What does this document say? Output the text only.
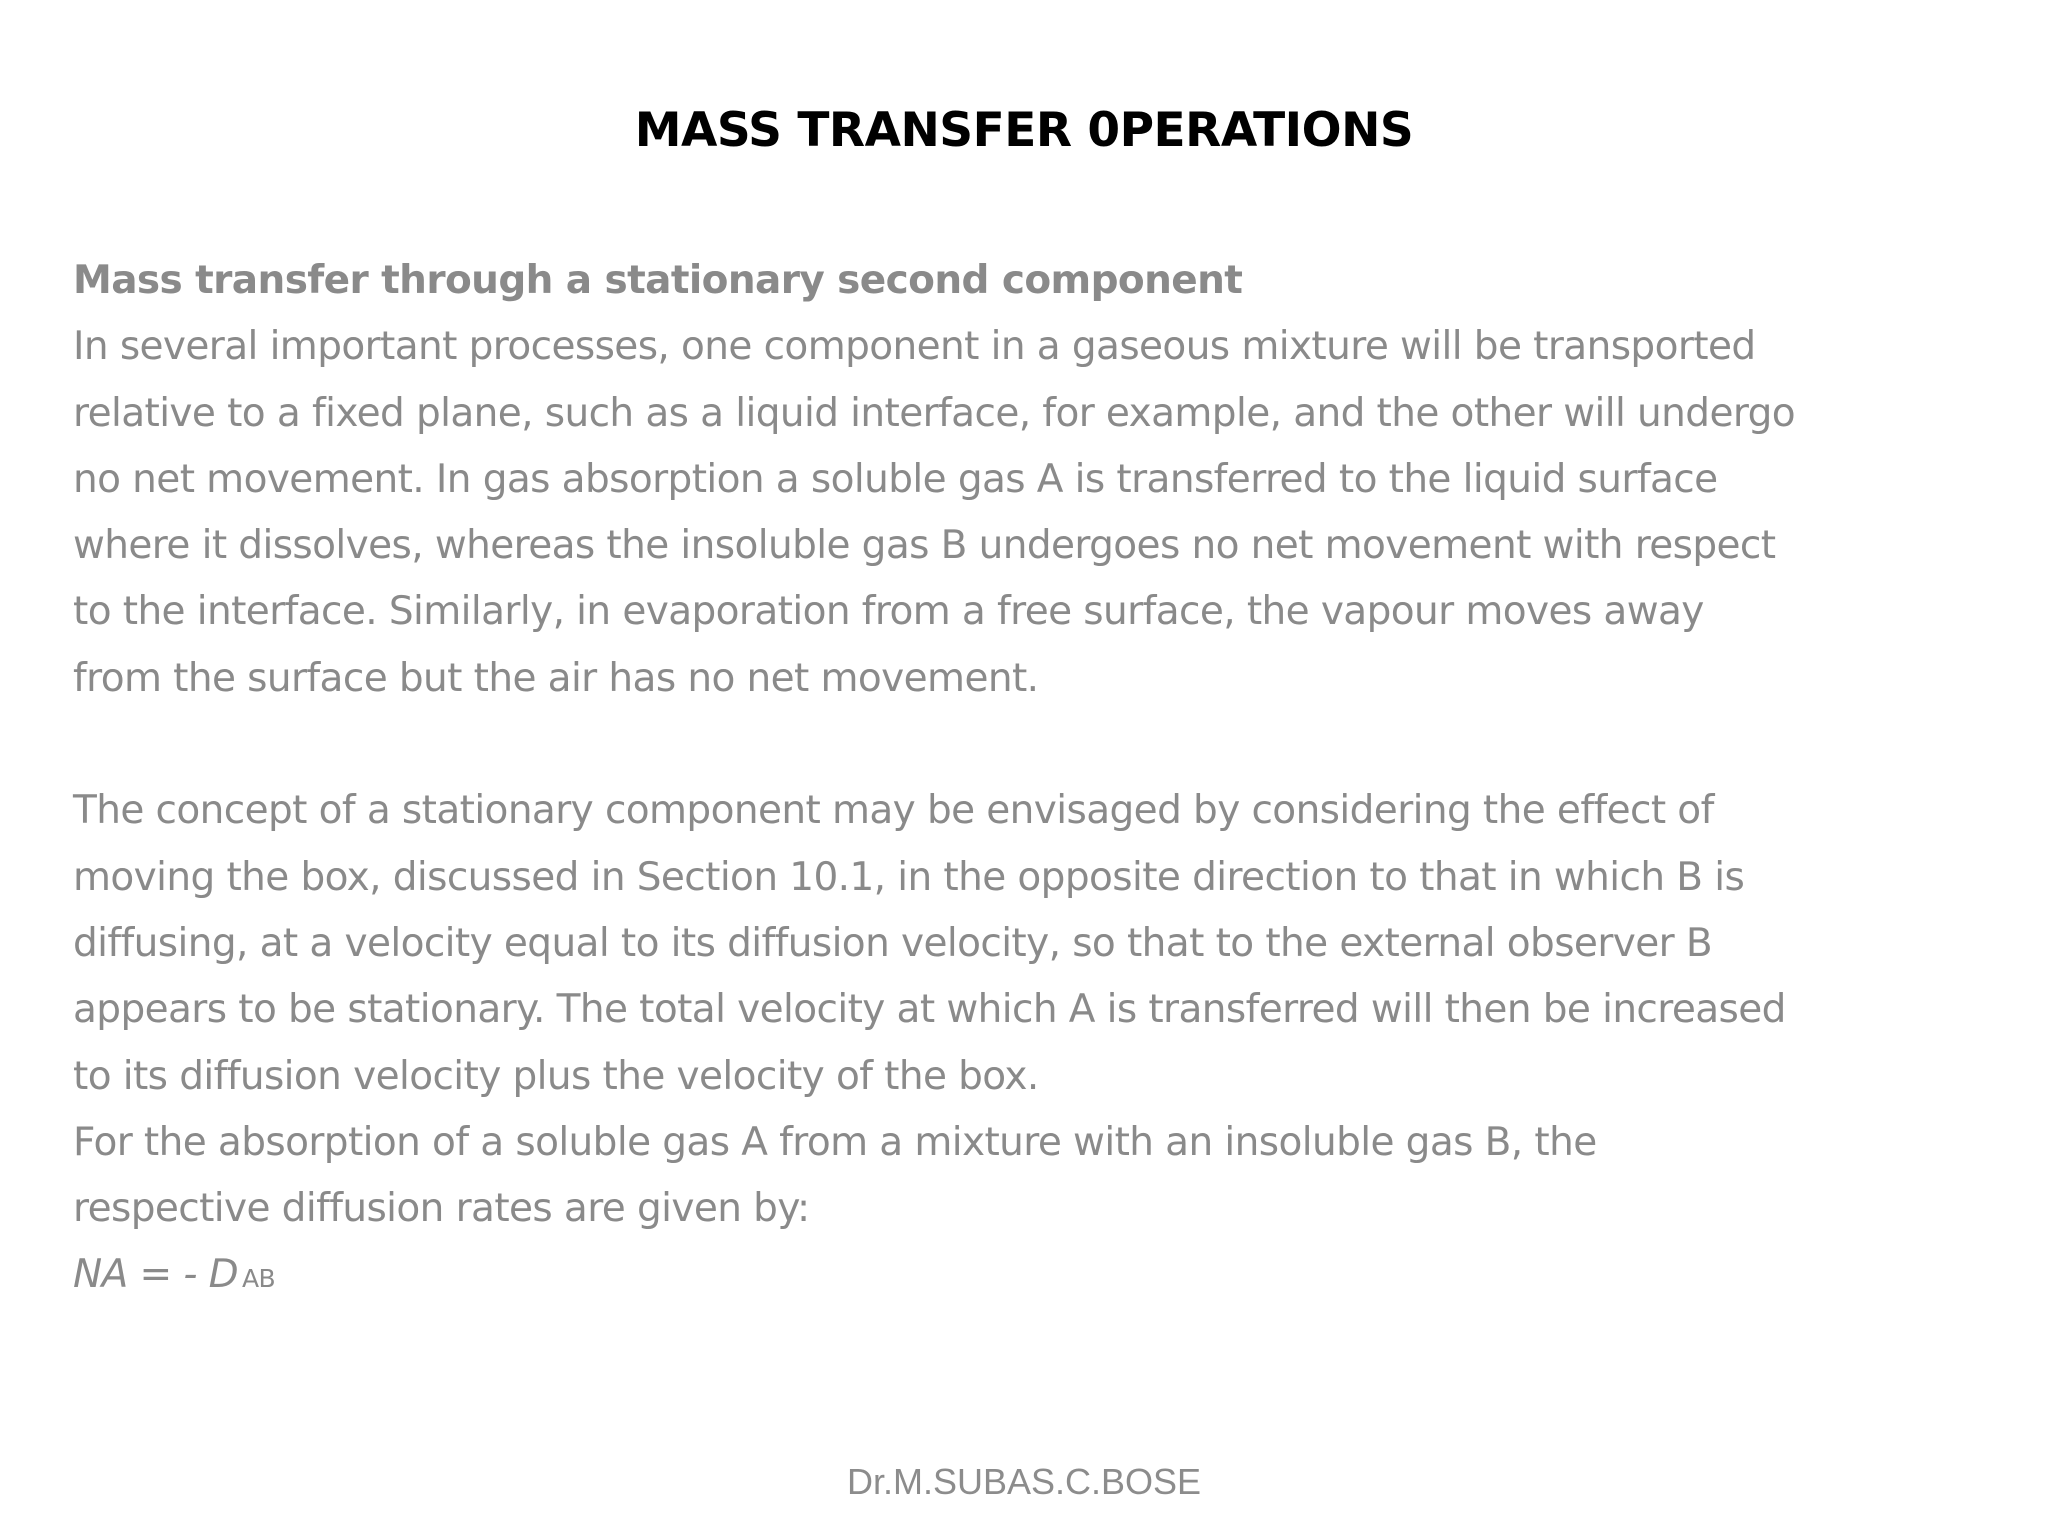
MASS TRANSFER 0PERATIONS
Mass transfer through a stationary second component
In several important processes, one component in a gaseous mixture will be transported
relative to a fixed plane, such as a liquid interface, for example, and the other will undergo
no net movement. In gas absorption a soluble gas A is transferred to the liquid surface
where it dissolves, whereas the insoluble gas B undergoes no net movement with respect
to the interface. Similarly, in evaporation from a free surface, the vapour moves away
from the surface but the air has no net movement.
The concept of a stationary component may be envisaged by considering the effect of
moving the box, discussed in Section 10.1, in the opposite direction to that in which B is
diffusing, at a velocity equal to its diffusion velocity, so that to the external observer B
appears to be stationary. The total velocity at which A is transferred will then be increased
to its diffusion velocity plus the velocity of the box.
For the absorption of a soluble gas A from a mixture with an insoluble gas B, the
respective diffusion rates are given by:
NA = - D AB
Dr.M.SUBAS.C.BOSE
